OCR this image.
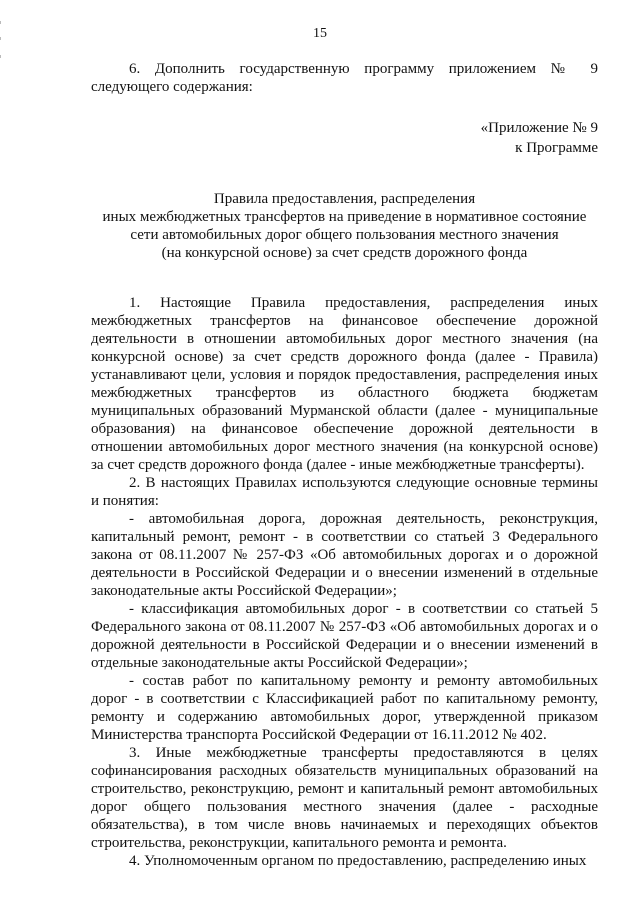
15

6. Дополнить государственную программу приложением № 9 следующего содержания:

«Приложение № 9
к Программе
Правила предоставления, распределения
иных межбюджетных трансфертов на приведение в нормативное состояние
сети автомобильных дорог общего пользования местного значения
(на конкурсной основе) за счет средств дорожного фонда

1. Настоящие Правила предоставления, распределения иных межбюджетных трансфертов на финансовое обеспечение дорожной деятельности в отношении автомобильных дорог местного значения (на конкурсной основе) за счет средств дорожного фонда (далее - Правила) устанавливают цели, условия и порядок предоставления, распределения иных межбюджетных трансфертов из областного бюджета бюджетам муниципальных образований Мурманской области (далее - муниципальные образования) на финансовое обеспечение дорожной деятельности в отношении автомобильных дорог местного значения (на конкурсной основе) за счет средств дорожного фонда (далее - иные межбюджетные трансферты).

2. В настоящих Правилах используются следующие основные термины и понятия:

- автомобильная дорога, дорожная деятельность, реконструкция, капитальный ремонт, ремонт - в соответствии со статьей 3 Федерального закона от 08.11.2007 № 257-ФЗ «Об автомобильных дорогах и о дорожной деятельности в Российской Федерации и о внесении изменений в отдельные законодательные акты Российской Федерации»;

- классификация автомобильных дорог - в соответствии со статьей 5 Федерального закона от 08.11.2007 № 257-ФЗ «Об автомобильных дорогах и о дорожной деятельности в Российской Федерации и о внесении изменений в отдельные законодательные акты Российской Федерации»;

- состав работ по капитальному ремонту и ремонту автомобильных дорог - в соответствии с Классификацией работ по капитальному ремонту, ремонту и содержанию автомобильных дорог, утвержденной приказом Министерства транспорта Российской Федерации от 16.11.2012 № 402.

3. Иные межбюджетные трансферты предоставляются в целях софинансирования расходных обязательств муниципальных образований на строительство, реконструкцию, ремонт и капитальный ремонт автомобильных дорог общего пользования местного значения (далее - расходные обязательства), в том числе вновь начинаемых и переходящих объектов строительства, реконструкции, капитального ремонта и ремонта.

4. Уполномоченным органом по предоставлению, распределению иных
